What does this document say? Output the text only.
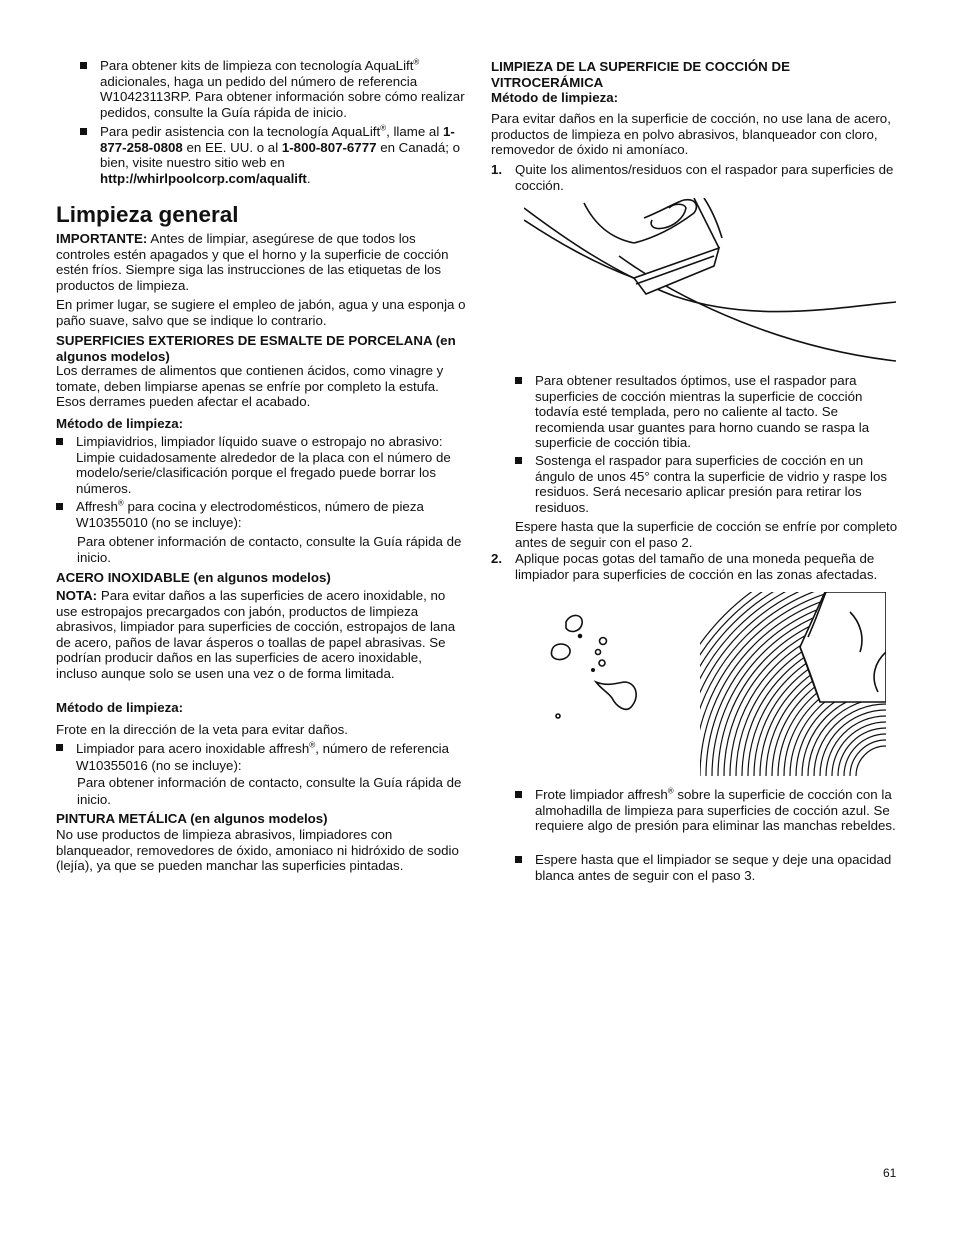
Para obtener kits de limpieza con tecnología AquaLift® adicionales, haga un pedido del número de referencia W10423113RP. Para obtener información sobre cómo realizar pedidos, consulte la Guía rápida de inicio.
Para pedir asistencia con la tecnología AquaLift®, llame al 1-877-258-0808 en EE. UU. o al 1-800-807-6777 en Canadá; o bien, visite nuestro sitio web en http://whirlpoolcorp.com/aqualift.
Limpieza general

IMPORTANTE: Antes de limpiar, asegúrese de que todos los controles estén apagados y que el horno y la superficie de cocción estén fríos. Siempre siga las instrucciones de las etiquetas de los productos de limpieza.

En primer lugar, se sugiere el empleo de jabón, agua y una esponja o paño suave, salvo que se indique lo contrario.

SUPERFICIES EXTERIORES DE ESMALTE DE PORCELANA (en algunos modelos)

Los derrames de alimentos que contienen ácidos, como vinagre y tomate, deben limpiarse apenas se enfríe por completo la estufa. Esos derrames pueden afectar el acabado.

Método de limpieza:

Limpiavidrios, limpiador líquido suave o estropajo no abrasivo: Limpie cuidadosamente alrededor de la placa con el número de modelo/serie/clasificación porque el fregado puede borrar los números.
Affresh® para cocina y electrodomésticos, número de pieza W10355010 (no se incluye):

Para obtener información de contacto, consulte la Guía rápida de inicio.

ACERO INOXIDABLE (en algunos modelos)

NOTA: Para evitar daños a las superficies de acero inoxidable, no use estropajos precargados con jabón, productos de limpieza abrasivos, limpiador para superficies de cocción, estropajos de lana de acero, paños de lavar ásperos o toallas de papel abrasivas. Se podrían producir daños en las superficies de acero inoxidable, incluso aunque solo se usen una vez o de forma limitada.

Método de limpieza:

Frote en la dirección de la veta para evitar daños.

Limpiador para acero inoxidable affresh®, número de referencia W10355016 (no se incluye):

Para obtener información de contacto, consulte la Guía rápida de inicio.

PINTURA METÁLICA (en algunos modelos)

No use productos de limpieza abrasivos, limpiadores con blanqueador, removedores de óxido, amoniaco ni hidróxido de sodio (lejía), ya que se pueden manchar las superficies pintadas.

LIMPIEZA DE LA SUPERFICIE DE COCCIÓN DE VITROCERÁMICA

Método de limpieza:

Para evitar daños en la superficie de cocción, no use lana de acero, productos de limpieza en polvo abrasivos, blanqueador con cloro, removedor de óxido ni amoníaco.

1. Quite los alimentos/residuos con el raspador para superficies de cocción.
Para obtener resultados óptimos, use el raspador para superficies de cocción mientras la superficie de cocción todavía esté templada, pero no caliente al tacto. Se recomienda usar guantes para horno cuando se raspa la superficie de cocción tibia.
Sostenga el raspador para superficies de cocción en un ángulo de unos 45° contra la superficie de vidrio y raspe los residuos. Será necesario aplicar presión para retirar los residuos.

Espere hasta que la superficie de cocción se enfríe por completo antes de seguir con el paso 2.

2. Aplique pocas gotas del tamaño de una moneda pequeña de limpiador para superficies de cocción en las zonas afectadas.
Frote limpiador affresh® sobre la superficie de cocción con la almohadilla de limpieza para superficies de cocción azul. Se requiere algo de presión para eliminar las manchas rebeldes.
Espere hasta que el limpiador se seque y deje una opacidad blanca antes de seguir con el paso 3.
61
